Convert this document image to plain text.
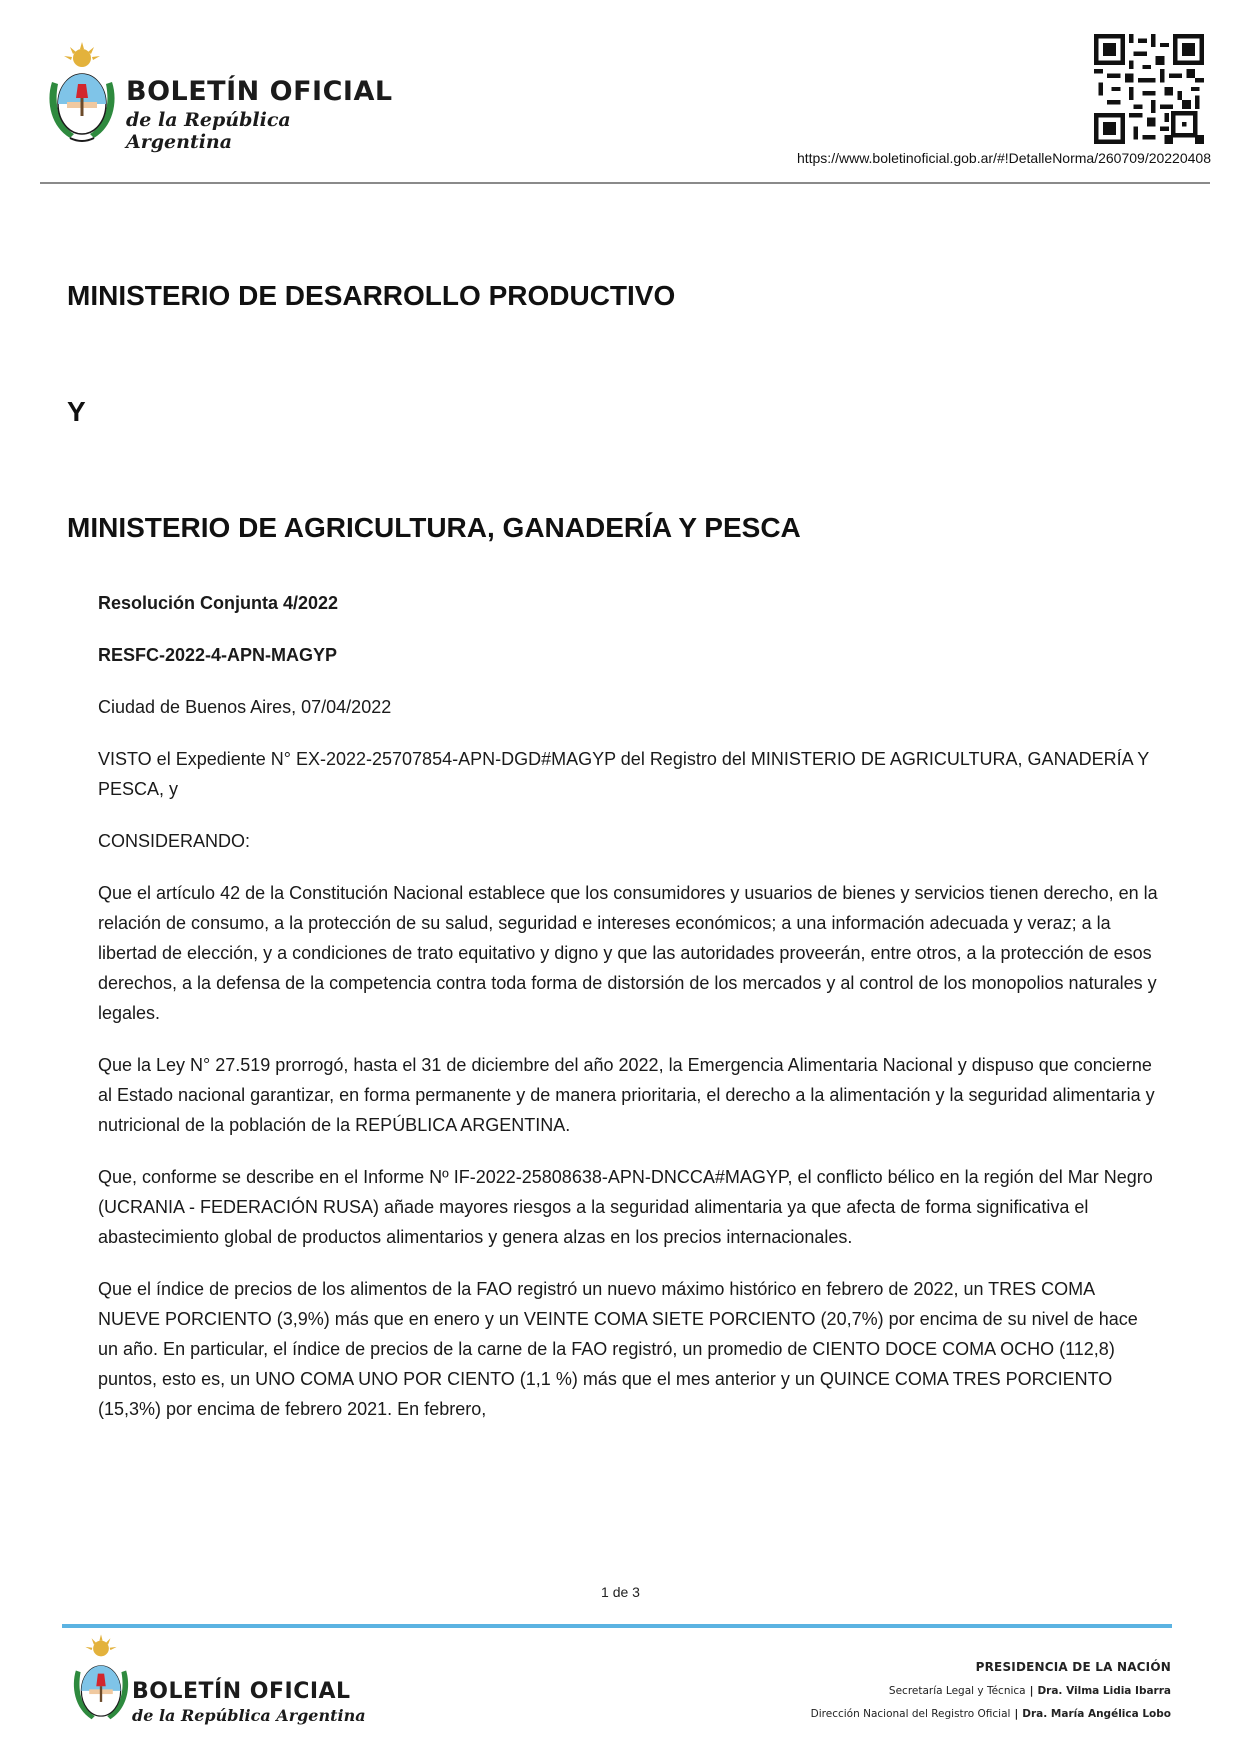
BOLETÍN OFICIAL
de la República Argentina
https://www.boletinoficial.gob.ar/#!DetalleNorma/260709/20220408
MINISTERIO DE DESARROLLO PRODUCTIVO
Y
MINISTERIO DE AGRICULTURA, GANADERÍA Y PESCA

Resolución Conjunta 4/2022

RESFC-2022-4-APN-MAGYP

Ciudad de Buenos Aires, 07/04/2022

VISTO el Expediente N° EX-2022-25707854-APN-DGD#MAGYP del Registro del MINISTERIO DE AGRICULTURA, GANADERÍA Y PESCA, y

CONSIDERANDO:

Que el artículo 42 de la Constitución Nacional establece que los consumidores y usuarios de bienes y servicios tienen derecho, en la relación de consumo, a la protección de su salud, seguridad e intereses económicos; a una información adecuada y veraz; a la libertad de elección, y a condiciones de trato equitativo y digno y que las autoridades proveerán, entre otros, a la protección de esos derechos, a la defensa de la competencia contra toda forma de distorsión de los mercados y al control de los monopolios naturales y legales.

Que la Ley N° 27.519 prorrogó, hasta el 31 de diciembre del año 2022, la Emergencia Alimentaria Nacional y dispuso que concierne al Estado nacional garantizar, en forma permanente y de manera prioritaria, el derecho a la alimentación y la seguridad alimentaria y nutricional de la población de la REPÚBLICA ARGENTINA.

Que, conforme se describe en el Informe Nº IF-2022-25808638-APN-DNCCA#MAGYP, el conflicto bélico en la región del Mar Negro (UCRANIA - FEDERACIÓN RUSA) añade mayores riesgos a la seguridad alimentaria ya que afecta de forma significativa el abastecimiento global de productos alimentarios y genera alzas en los precios internacionales.

Que el índice de precios de los alimentos de la FAO registró un nuevo máximo histórico en febrero de 2022, un TRES COMA NUEVE PORCIENTO (3,9%) más que en enero y un VEINTE COMA SIETE PORCIENTO (20,7%) por encima de su nivel de hace un año. En particular, el índice de precios de la carne de la FAO registró, un promedio de CIENTO DOCE COMA OCHO (112,8) puntos, esto es, un UNO COMA UNO POR CIENTO (1,1 %) más que el mes anterior y un QUINCE COMA TRES PORCIENTO (15,3%) por encima de febrero 2021. En febrero,

1 de 3
BOLETÍN OFICIAL
de la República Argentina
PRESIDENCIA DE LA NACIÓN
Secretaría Legal y Técnica | Dra. Vilma Lidia Ibarra
Dirección Nacional del Registro Oficial | Dra. María Angélica Lobo
